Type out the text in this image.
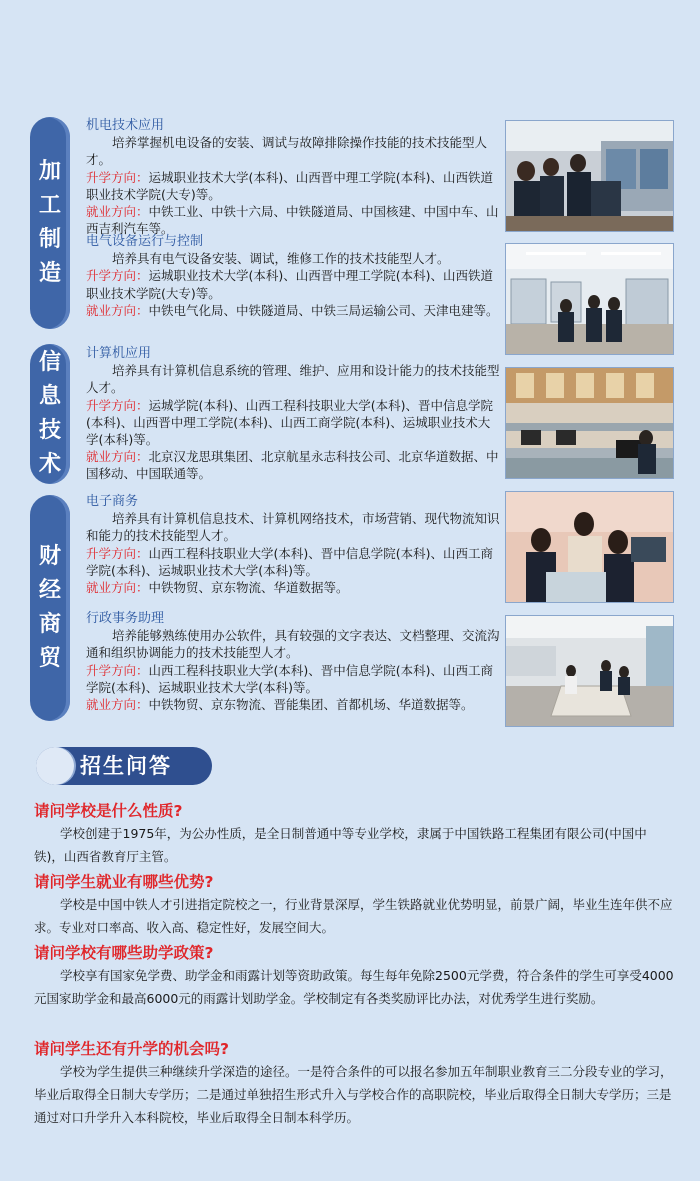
加
工
制
造
信
息
技
术
财
经
商
贸
机电技术应用
培养掌握机电设备的安装、调试与故障排除操作技能的技术技能型人才。
升学方向：运城职业技术大学(本科)、山西晋中理工学院(本科)、山西铁道职业技术学院(大专)等。
就业方向：中铁工业、中铁十六局、中铁隧道局、中国核建、中国中车、山西吉利汽车等。
电气设备运行与控制
培养具有电气设备安装、调试，维修工作的技术技能型人才。
升学方向：运城职业技术大学(本科)、山西晋中理工学院(本科)、山西铁道职业技术学院(大专)等。
就业方向：中铁电气化局、中铁隧道局、中铁三局运输公司、天津电建等。
计算机应用
培养具有计算机信息系统的管理、维护、应用和设计能力的技术技能型人才。
升学方向：运城学院(本科)、山西工程科技职业大学(本科)、晋中信息学院(本科)、山西晋中理工学院(本科)、山西工商学院(本科)、运城职业技术大学(本科)等。
就业方向：北京汉龙思琪集团、北京航星永志科技公司、北京华道数据、中国移动、中国联通等。
电子商务
培养具有计算机信息技术、计算机网络技术，市场营销、现代物流知识和能力的技术技能型人才。
升学方向：山西工程科技职业大学(本科)、晋中信息学院(本科)、山西工商学院(本科)、运城职业技术大学(本科)等。
就业方向：中铁物贸、京东物流、华道数据等。
行政事务助理
培养能够熟练使用办公软件，具有较强的文字表达、文档整理、交流沟通和组织协调能力的技术技能型人才。
升学方向：山西工程科技职业大学(本科)、晋中信息学院(本科)、山西工商学院(本科)、运城职业技术大学(本科)等。
就业方向：中铁物贸、京东物流、晋能集团、首都机场、华道数据等。
招生问答
请问学校是什么性质?
学校创建于1975年，为公办性质，是全日制普通中等专业学校，隶属于中国铁路工程集团有限公司(中国中铁)，山西省教育厅主管。
请问学生就业有哪些优势?
学校是中国中铁人才引进指定院校之一，行业背景深厚，学生铁路就业优势明显，前景广阔，毕业生连年供不应求。专业对口率高、收入高、稳定性好，发展空间大。
请问学校有哪些助学政策?
学校享有国家免学费、助学金和雨露计划等资助政策。每生每年免除2500元学费，符合条件的学生可享受4000元国家助学金和最高6000元的雨露计划助学金。学校制定有各类奖励评比办法，对优秀学生进行奖励。
请问学生还有升学的机会吗?
学校为学生提供三种继续升学深造的途径。一是符合条件的可以报名参加五年制职业教育三二分段专业的学习，毕业后取得全日制大专学历；二是通过单独招生形式升入与学校合作的高职院校，毕业后取得全日制大专学历；三是通过对口升学升入本科院校，毕业后取得全日制本科学历。
